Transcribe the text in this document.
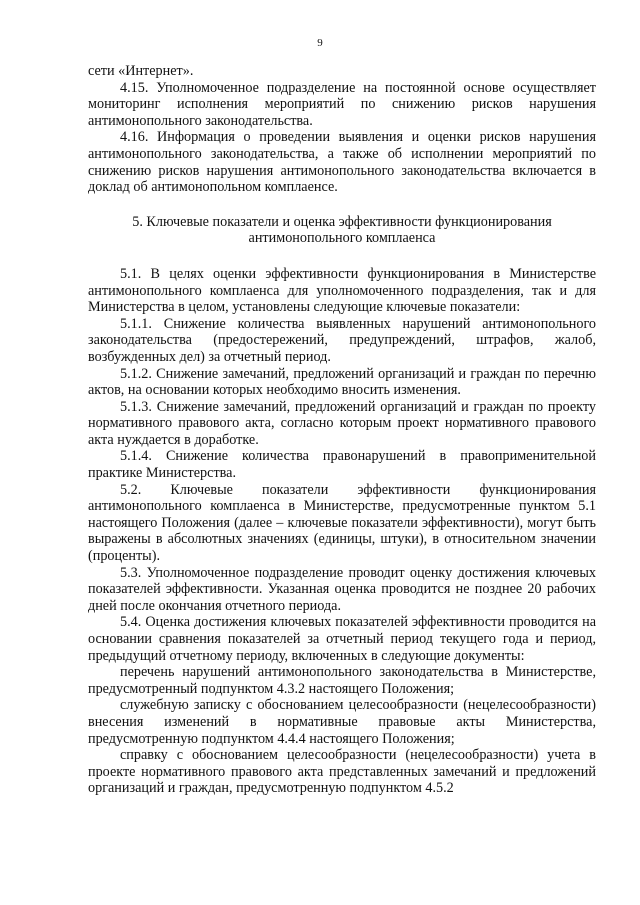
9

сети «Интернет».

4.15. Уполномоченное подразделение на постоянной основе осуществляет мониторинг исполнения мероприятий по снижению рисков нарушения антимонопольного законодательства.

4.16. Информация о проведении выявления и оценки рисков нарушения антимонопольного законодательства, а также об исполнении мероприятий по снижению рисков нарушения антимонопольного законодательства включается в доклад об антимонопольном комплаенсе.

5. Ключевые показатели и оценка эффективности функционирования антимонопольного комплаенса

5.1. В целях оценки эффективности функционирования в Министерстве антимонопольного комплаенса для уполномоченного подразделения, так и для Министерства в целом, установлены следующие ключевые показатели:

5.1.1. Снижение количества выявленных нарушений антимонопольного законодательства (предостережений, предупреждений, штрафов, жалоб, возбужденных дел) за отчетный период.

5.1.2. Снижение замечаний, предложений организаций и граждан по перечню актов, на основании которых необходимо вносить изменения.

5.1.3. Снижение замечаний, предложений организаций и граждан по проекту нормативного правового акта, согласно которым проект нормативного правового акта нуждается в доработке.

5.1.4. Снижение количества правонарушений в правоприменительной практике Министерства.

5.2. Ключевые показатели эффективности функционирования антимонопольного комплаенса в Министерстве, предусмотренные пунктом 5.1 настоящего Положения (далее – ключевые показатели эффективности), могут быть выражены в абсолютных значениях (единицы, штуки), в относительном значении (проценты).

5.3. Уполномоченное подразделение проводит оценку достижения ключевых показателей эффективности. Указанная оценка проводится не позднее 20 рабочих дней после окончания отчетного периода.

5.4. Оценка достижения ключевых показателей эффективности проводится на основании сравнения показателей за отчетный период текущего года и период, предыдущий отчетному периоду, включенных в следующие документы:

перечень нарушений антимонопольного законодательства в Министерстве, предусмотренный подпунктом 4.3.2 настоящего Положения;

служебную записку с обоснованием целесообразности (нецелесообразности) внесения изменений в нормативные правовые акты Министерства, предусмотренную подпунктом 4.4.4 настоящего Положения;

справку с обоснованием целесообразности (нецелесообразности) учета в проекте нормативного правового акта представленных замечаний и предложений организаций и граждан, предусмотренную подпунктом 4.5.2
